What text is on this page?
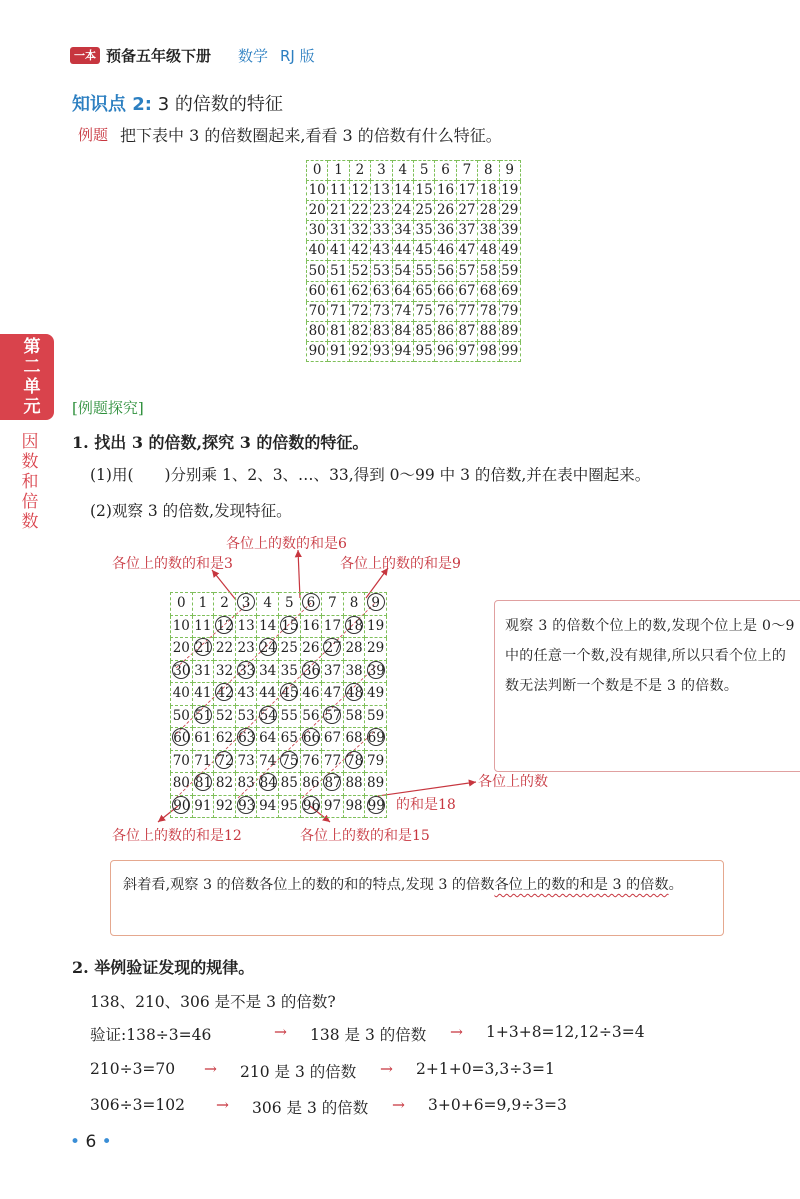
一本 预备五年级下册 数学 RJ 版
知识点 2: 3 的倍数的特征
例题 把下表中 3 的倍数圈起来,看看 3 的倍数有什么特征。
0	1	2	3	4	5	6	7	8	9
10	11	12	13	14	15	16	17	18	19
20	21	22	23	24	25	26	27	28	29
30	31	32	33	34	35	36	37	38	39
40	41	42	43	44	45	46	47	48	49
50	51	52	53	54	55	56	57	58	59
60	61	62	63	64	65	66	67	68	69
70	71	72	73	74	75	76	77	78	79
80	81	82	83	84	85	86	87	88	89
90	91	92	93	94	95	96	97	98	99
第
二
单
元
因
数
和
倍
数
[例题探究]
1. 找出 3 的倍数,探究 3 的倍数的特征。
(1)用(　　)分别乘 1、2、3、…、33,得到 0～99 中 3 的倍数,并在表中圈起来。
(2)观察 3 的倍数,发现特征。
各位上的数的和是6
各位上的数的和是3	各位上的数的和是9
各位上的数
的和是18
各位上的数的和是12	各位上的数的和是15
0	1	2	3	4	5	6	7	8	9
10	11	12	13	14	15	16	17	18	19
20	21	22	23	24	25	26	27	28	29
30	31	32	33	34	35	36	37	38	39
40	41	42	43	44	45	46	47	48	49
50	51	52	53	54	55	56	57	58	59
60	61	62	63	64	65	66	67	68	69
70	71	72	73	74	75	76	77	78	79
80	81	82	83	84	85	86	87	88	89
90	91	92	93	94	95	96	97	98	99
观察 3 的倍数个位上的数,发现个位上是 0～9 中的任意一个数,没有规律,所以只看个位上的数无法判断一个数是不是 3 的倍数。
斜着看,观察 3 的倍数各位上的数的和的特点,发现 3 的倍数各位上的数的和是 3 的倍数。
2. 举例验证发现的规律。
138、210、306 是不是 3 的倍数?
验证:138÷3=46	→ 138 是 3 的倍数 → 1+3+8=12,12÷3=4
210÷3=70 → 210 是 3 的倍数 → 2+1+0=3,3÷3=1
306÷3=102 → 306 是 3 的倍数 → 3+0+6=9,9÷3=3
• 6 •
